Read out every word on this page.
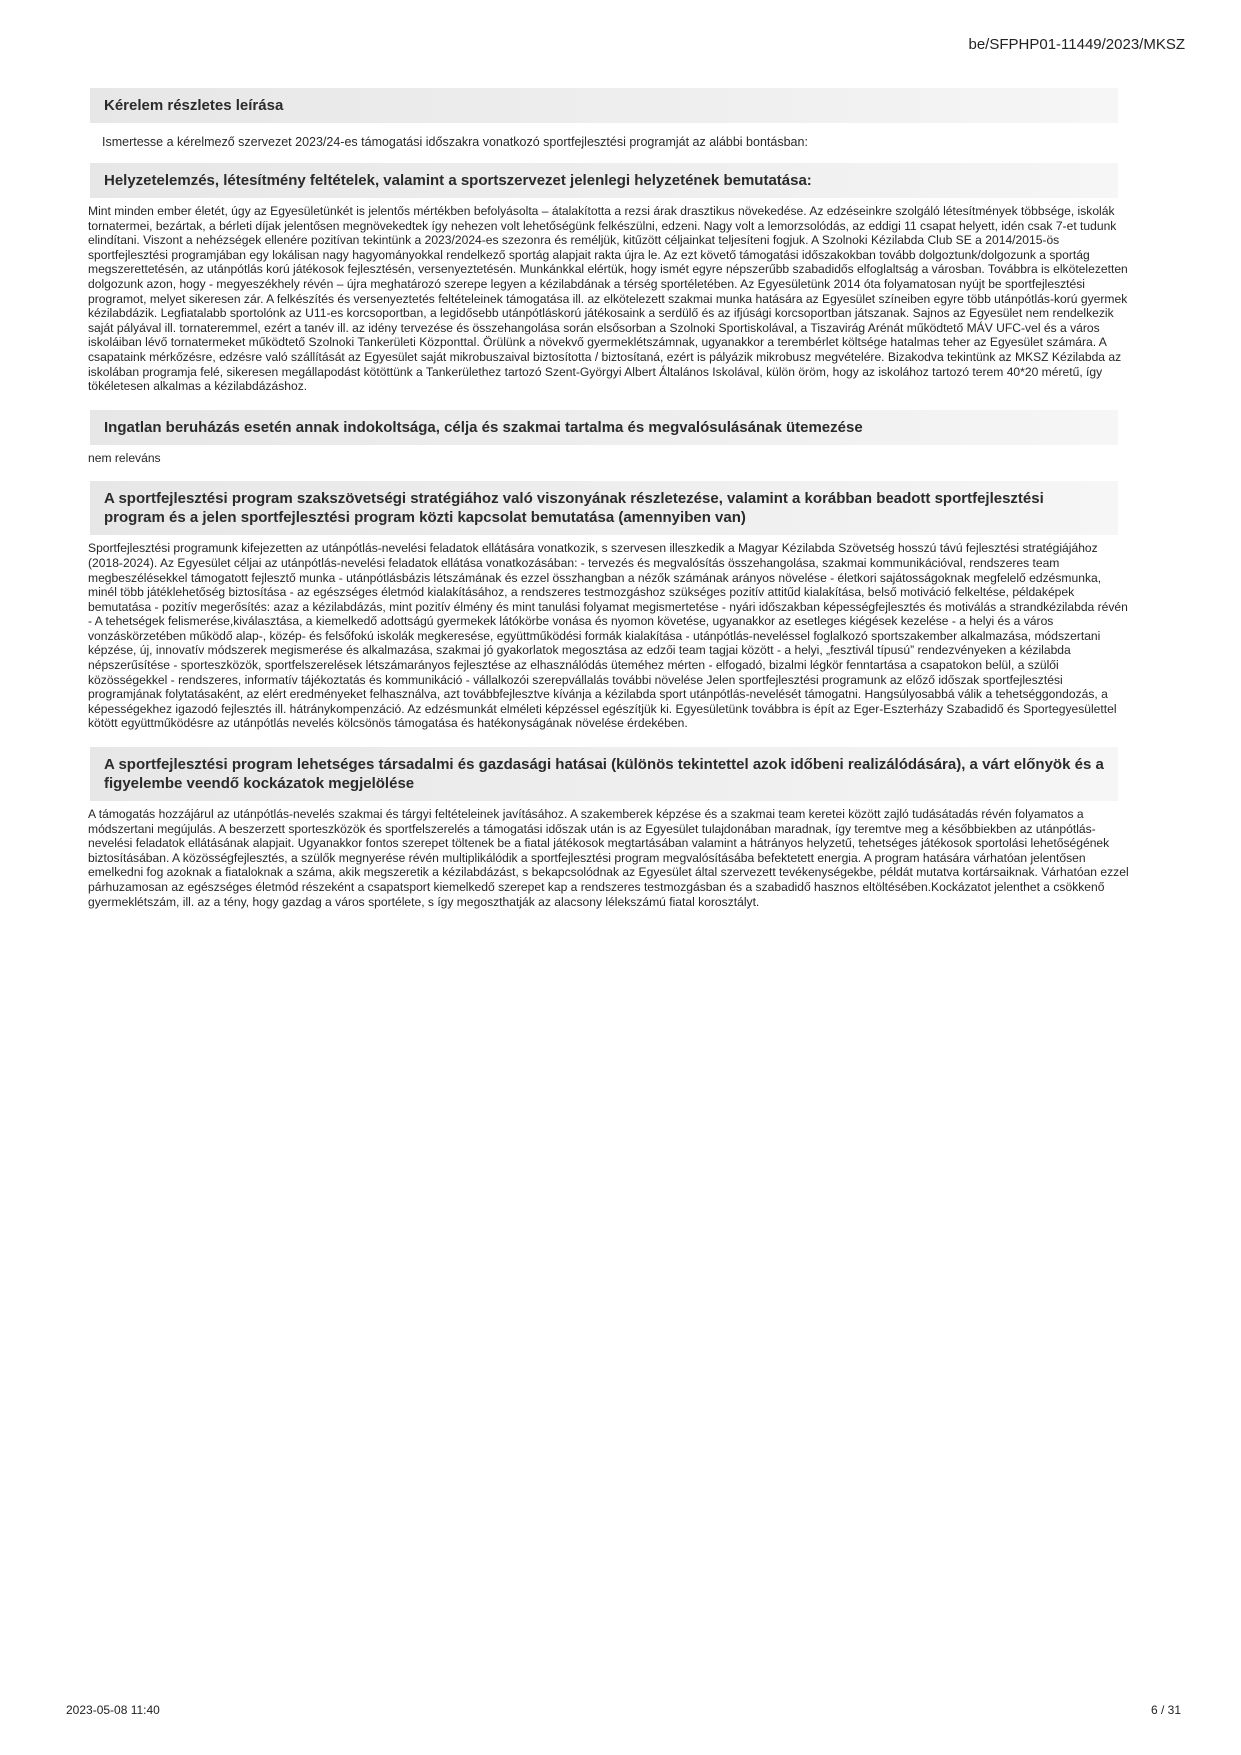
be/SFPHP01-11449/2023/MKSZ
Kérelem részletes leírása
Ismertesse a kérelmező szervezet 2023/24-es támogatási időszakra vonatkozó sportfejlesztési programját az alábbi bontásban:
Helyzetelemzés, létesítmény feltételek, valamint a sportszervezet jelenlegi helyzetének bemutatása:
Mint minden ember életét, úgy az Egyesületünkét is jelentős mértékben befolyásolta – átalakította a rezsi árak drasztikus növekedése. Az edzéseinkre szolgáló létesítmények többsége, iskolák tornatermei, bezártak, a bérleti díjak jelentősen megnövekedtek így nehezen volt lehetőségünk felkészülni, edzeni. Nagy volt a lemorzsolódás, az eddigi 11 csapat helyett, idén csak 7-et tudunk elindítani. Viszont a nehézségek ellenére pozitívan tekintünk a 2023/2024-es szezonra és reméljük, kitűzött céljainkat teljesíteni fogjuk. A Szolnoki Kézilabda Club SE a 2014/2015-ös sportfejlesztési programjában egy lokálisan nagy hagyományokkal rendelkező sportág alapjait rakta újra le. Az ezt követő támogatási időszakokban tovább dolgoztunk/dolgozunk a sportág megszerettetésén, az utánpótlás korú játékosok fejlesztésén, versenyeztetésén. Munkánkkal elértük, hogy ismét egyre népszerűbb szabadidős elfoglaltság a városban. Továbbra is elkötelezetten dolgozunk azon, hogy - megyeszékhely révén – újra meghatározó szerepe legyen a kézilabdának a térség sportéletében. Az Egyesületünk 2014 óta folyamatosan nyújt be sportfejlesztési programot, melyet sikeresen zár. A felkészítés és versenyeztetés feltételeinek támogatása ill. az elkötelezett szakmai munka hatására az Egyesület színeiben egyre több utánpótlás-korú gyermek kézilabdázik. Legfiatalabb sportolónk az U11-es korcsoportban, a legidősebb utánpótláskorú játékosaink a serdülő és az ifjúsági korcsoportban játszanak. Sajnos az Egyesület nem rendelkezik saját pályával ill. tornateremmel, ezért a tanév ill. az idény tervezése és összehangolása során elsősorban a Szolnoki Sportiskolával, a Tiszavirág Arénát működtető MÁV UFC-vel és a város iskoláiban lévő tornatermeket működtető Szolnoki Tankerületi Központtal. Örülünk a növekvő gyermeklétszámnak, ugyanakkor a terembérlet költsége hatalmas teher az Egyesület számára. A csapataink mérkőzésre, edzésre való szállítását az Egyesület saját mikrobuszaival biztosította / biztosítaná, ezért is pályázik mikrobusz megvételére. Bizakodva tekintünk az MKSZ Kézilabda az iskolában programja felé, sikeresen megállapodást kötöttünk a Tankerülethez tartozó Szent-Györgyi Albert Általános Iskolával, külön öröm, hogy az iskolához tartozó terem 40*20 méretű, így tökéletesen alkalmas a kézilabdázáshoz.
Ingatlan beruházás esetén annak indokoltsága, célja és szakmai tartalma és megvalósulásának ütemezése
nem releváns
A sportfejlesztési program szakszövetségi stratégiához való viszonyának részletezése, valamint a korábban beadott sportfejlesztési program és a jelen sportfejlesztési program közti kapcsolat bemutatása (amennyiben van)
Sportfejlesztési programunk kifejezetten az utánpótlás-nevelési feladatok ellátására vonatkozik, s szervesen illeszkedik a Magyar Kézilabda Szövetség hosszú távú fejlesztési stratégiájához (2018-2024). Az Egyesület céljai az utánpótlás-nevelési feladatok ellátása vonatkozásában: - tervezés és megvalósítás összehangolása, szakmai kommunikációval, rendszeres team megbeszélésekkel támogatott fejlesztő munka - utánpótlásbázis létszámának és ezzel összhangban a nézők számának arányos növelése - életkori sajátosságoknak megfelelő edzésmunka, minél több játéklehetőség biztosítása - az egészséges életmód kialakításához, a rendszeres testmozgáshoz szükséges pozitív attitűd kialakítása, belső motiváció felkeltése, példaképek bemutatása - pozitív megerősítés: azaz a kézilabdázás, mint pozitív élmény és mint tanulási folyamat megismertetése - nyári időszakban képességfejlesztés és motiválás a strandkézilabda révén - A tehetségek felismerése,kiválasztása, a kiemelkedő adottságú gyermekek látókörbe vonása és nyomon követése, ugyanakkor az esetleges kiégések kezelése - a helyi és a város vonzáskörzetében működő alap-, közép- és felsőfokú iskolák megkeresése, együttműködési formák kialakítása - utánpótlás-neveléssel foglalkozó sportszakember alkalmazása, módszertani képzése, új, innovatív módszerek megismerése és alkalmazása, szakmai jó gyakorlatok megosztása az edzői team tagjai között - a helyi, „fesztivál típusú” rendezvényeken a kézilabda népszerűsítése - sporteszközök, sportfelszerelések létszámarányos fejlesztése az elhasználódás üteméhez mérten - elfogadó, bizalmi légkör fenntartása a csapatokon belül, a szülői közösségekkel - rendszeres, informatív tájékoztatás és kommunikáció - vállalkozói szerepvállalás további növelése Jelen sportfejlesztési programunk az előző időszak sportfejlesztési programjának folytatásaként, az elért eredményeket felhasználva, azt továbbfejlesztve kívánja a kézilabda sport utánpótlás-nevelését támogatni. Hangsúlyosabbá válik a tehetséggondozás, a képességekhez igazodó fejlesztés ill. hátránykompenzáció. Az edzésmunkát elméleti képzéssel egészítjük ki. Egyesületünk továbbra is épít az Eger-Eszterházy Szabadidő és Sportegyesülettel kötött együttműködésre az utánpótlás nevelés kölcsönös támogatása és hatékonyságának növelése érdekében.
A sportfejlesztési program lehetséges társadalmi és gazdasági hatásai (különös tekintettel azok időbeni realizálódására), a várt előnyök és a figyelembe veendő kockázatok megjelölése
A támogatás hozzájárul az utánpótlás-nevelés szakmai és tárgyi feltételeinek javításához. A szakemberek képzése és a szakmai team keretei között zajló tudásátadás révén folyamatos a módszertani megújulás. A beszerzett sporteszközök és sportfelszerelés a támogatási időszak után is az Egyesület tulajdonában maradnak, így teremtve meg a későbbiekben az utánpótlás-nevelési feladatok ellátásának alapjait. Ugyanakkor fontos szerepet töltenek be a fiatal játékosok megtartásában valamint a hátrányos helyzetű, tehetséges játékosok sportolási lehetőségének biztosításában. A közösségfejlesztés, a szülők megnyerése révén multiplikálódik a sportfejlesztési program megvalósításába befektetett energia. A program hatására várhatóan jelentősen emelkedni fog azoknak a fiataloknak a száma, akik megszeretik a kézilabdázást, s bekapcsolódnak az Egyesület által szervezett tevékenységekbe, példát mutatva kortársaiknak. Várhatóan ezzel párhuzamosan az egészséges életmód részeként a csapatsport kiemelkedő szerepet kap a rendszeres testmozgásban és a szabadidő hasznos eltöltésében.Kockázatot jelenthet a csökkenő gyermeklétszám, ill. az a tény, hogy gazdag a város sportélete, s így megoszthatják az alacsony lélekszámú fiatal korosztályt.
2023-05-08 11:40	6 / 31
